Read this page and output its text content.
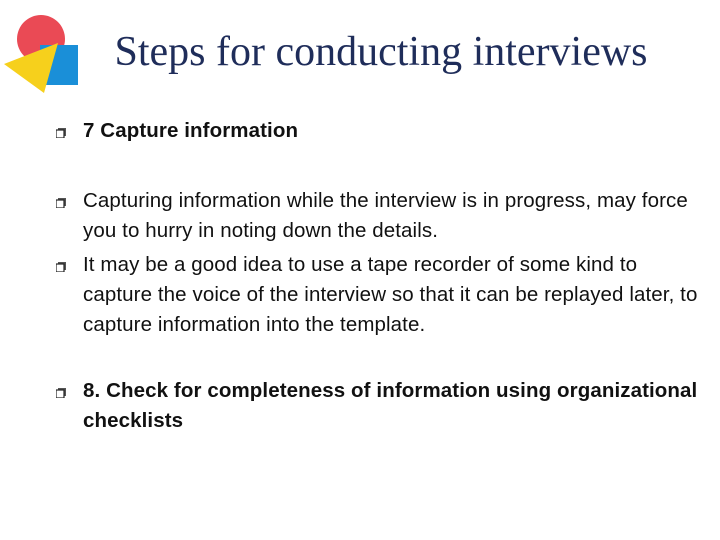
Steps for conducting interviews
7 Capture information
Capturing information while the interview is in progress, may force you to hurry in noting down the details.
It may be a good idea to use a tape recorder of some kind to capture the voice of the interview so that it can be replayed later, to capture information into the template.
8. Check for completeness of information using organizational checklists
